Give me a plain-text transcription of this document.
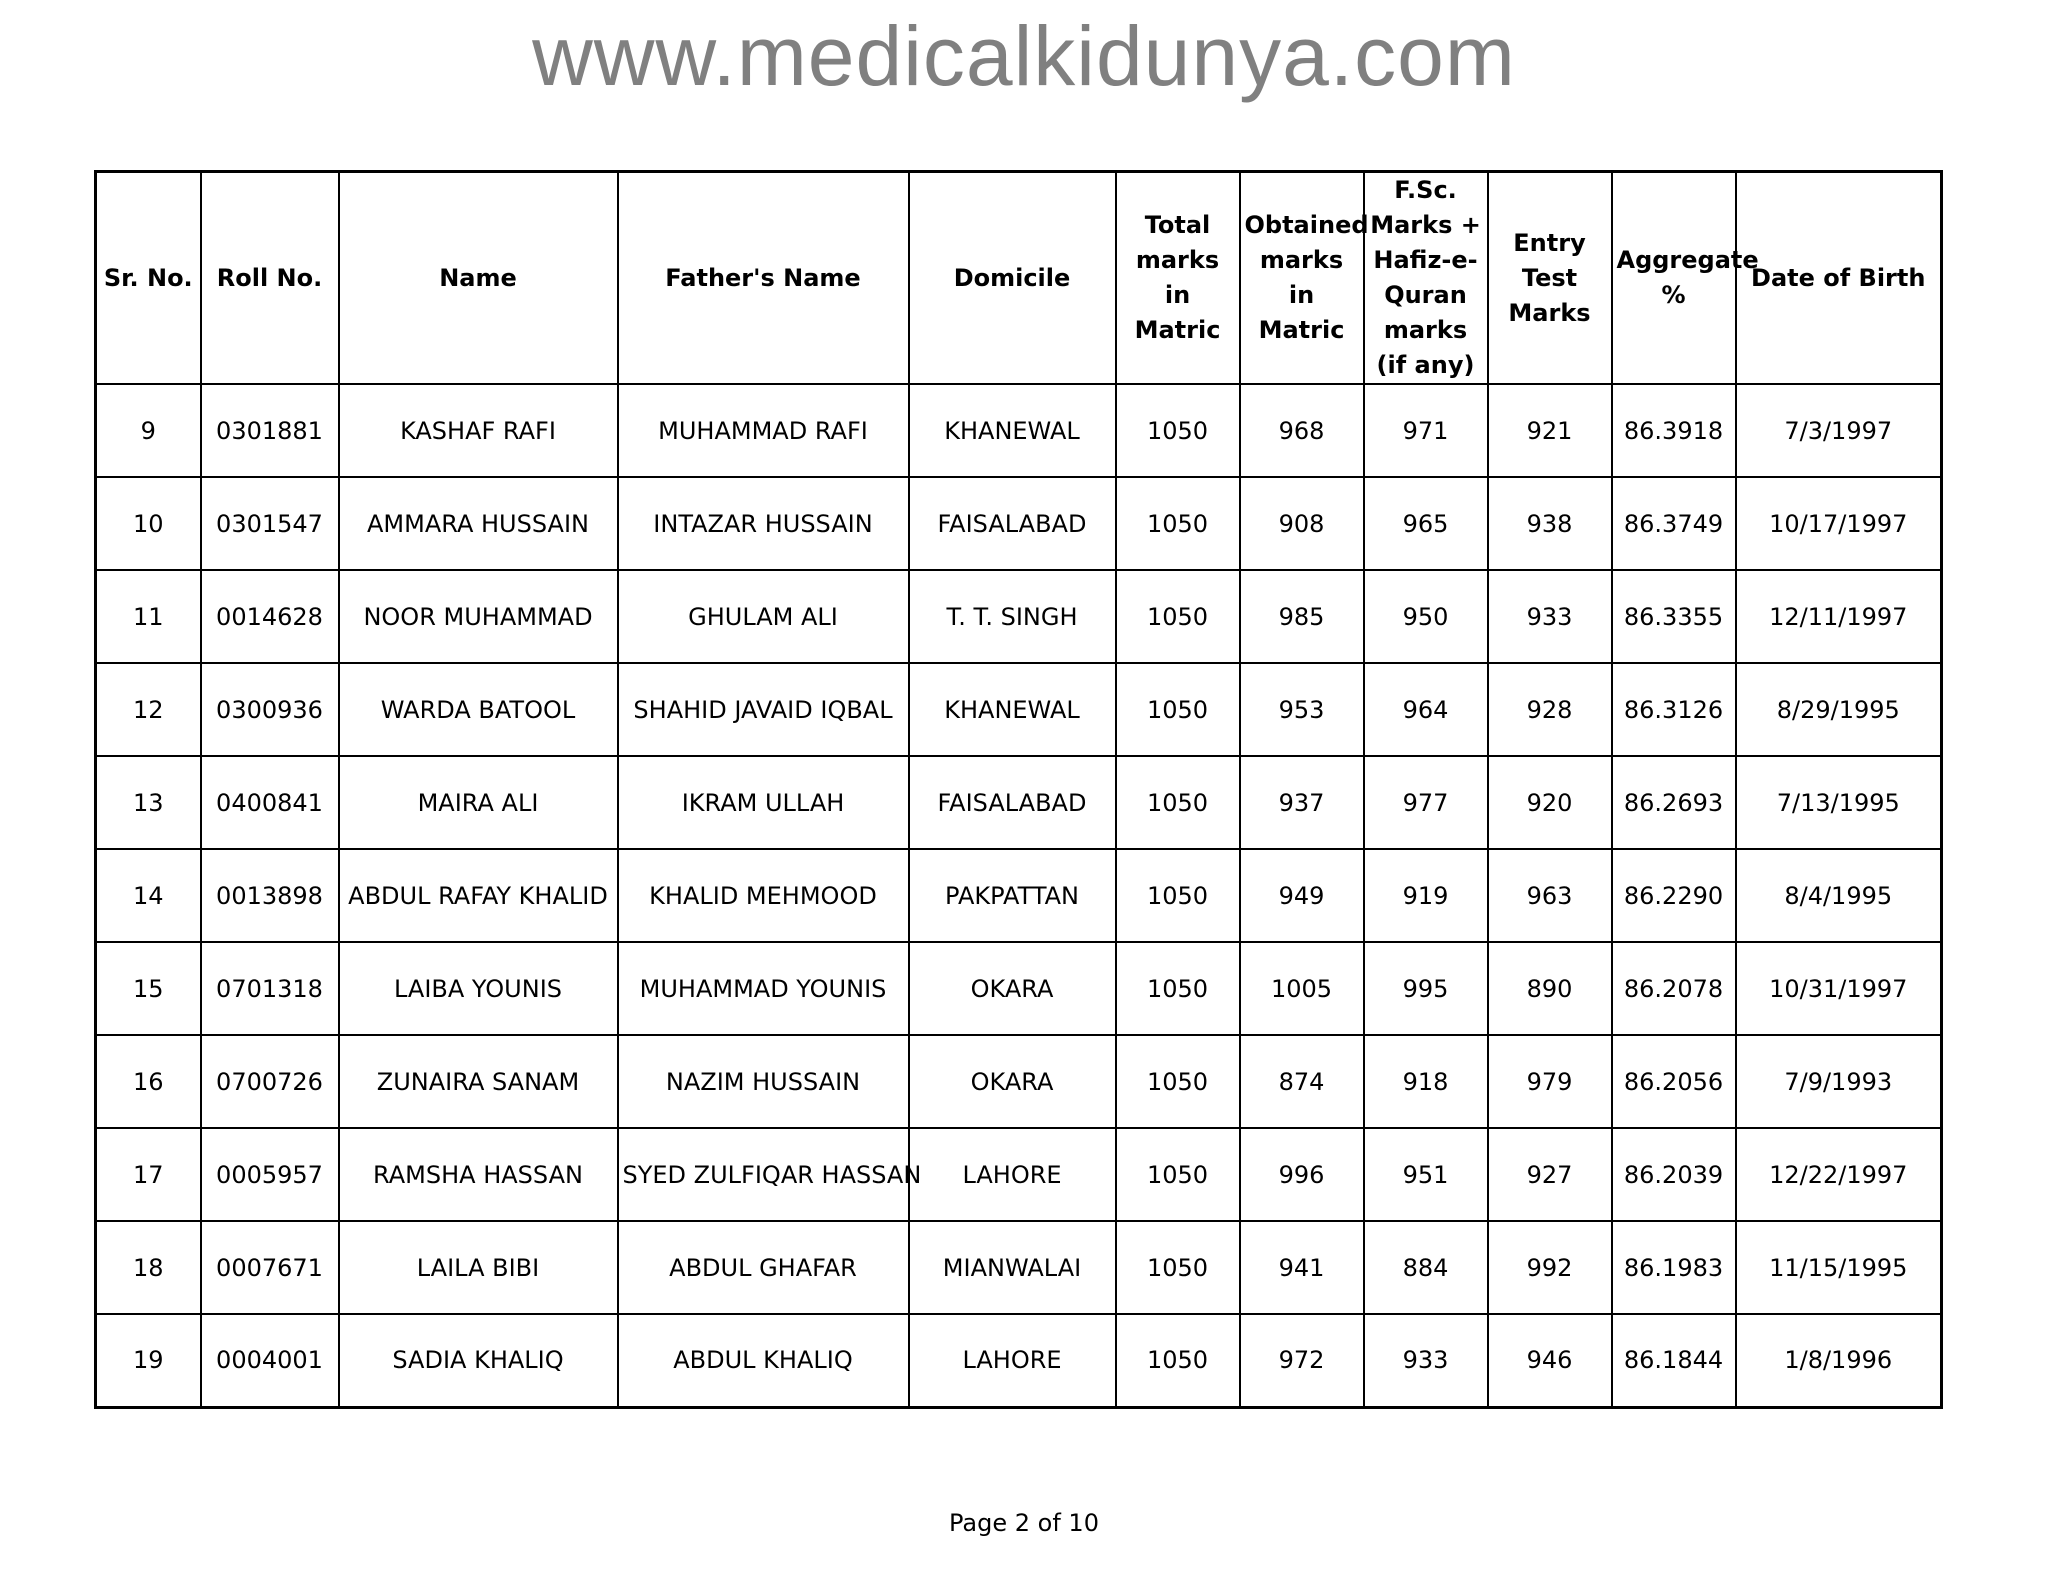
www.medicalkidunya.com
Sr. No.	Roll No.	Name	Father's Name	Domicile	Total marks in Matric	Obtained marks in Matric	F.Sc. Marks + Hafiz-e-Quran marks (if any)	Entry Test Marks	Aggregate %	Date of Birth
9	0301881	KASHAF RAFI	MUHAMMAD RAFI	KHANEWAL	1050	968	971	921	86.3918	7/3/1997
10	0301547	AMMARA HUSSAIN	INTAZAR HUSSAIN	FAISALABAD	1050	908	965	938	86.3749	10/17/1997
11	0014628	NOOR MUHAMMAD	GHULAM ALI	T. T. SINGH	1050	985	950	933	86.3355	12/11/1997
12	0300936	WARDA BATOOL	SHAHID JAVAID IQBAL	KHANEWAL	1050	953	964	928	86.3126	8/29/1995
13	0400841	MAIRA ALI	IKRAM ULLAH	FAISALABAD	1050	937	977	920	86.2693	7/13/1995
14	0013898	ABDUL RAFAY KHALID	KHALID MEHMOOD	PAKPATTAN	1050	949	919	963	86.2290	8/4/1995
15	0701318	LAIBA YOUNIS	MUHAMMAD YOUNIS	OKARA	1050	1005	995	890	86.2078	10/31/1997
16	0700726	ZUNAIRA SANAM	NAZIM HUSSAIN	OKARA	1050	874	918	979	86.2056	7/9/1993
17	0005957	RAMSHA HASSAN	SYED ZULFIQAR HASSAN	LAHORE	1050	996	951	927	86.2039	12/22/1997
18	0007671	LAILA BIBI	ABDUL GHAFAR	MIANWALAI	1050	941	884	992	86.1983	11/15/1995
19	0004001	SADIA KHALIQ	ABDUL KHALIQ	LAHORE	1050	972	933	946	86.1844	1/8/1996
Page 2 of 10
